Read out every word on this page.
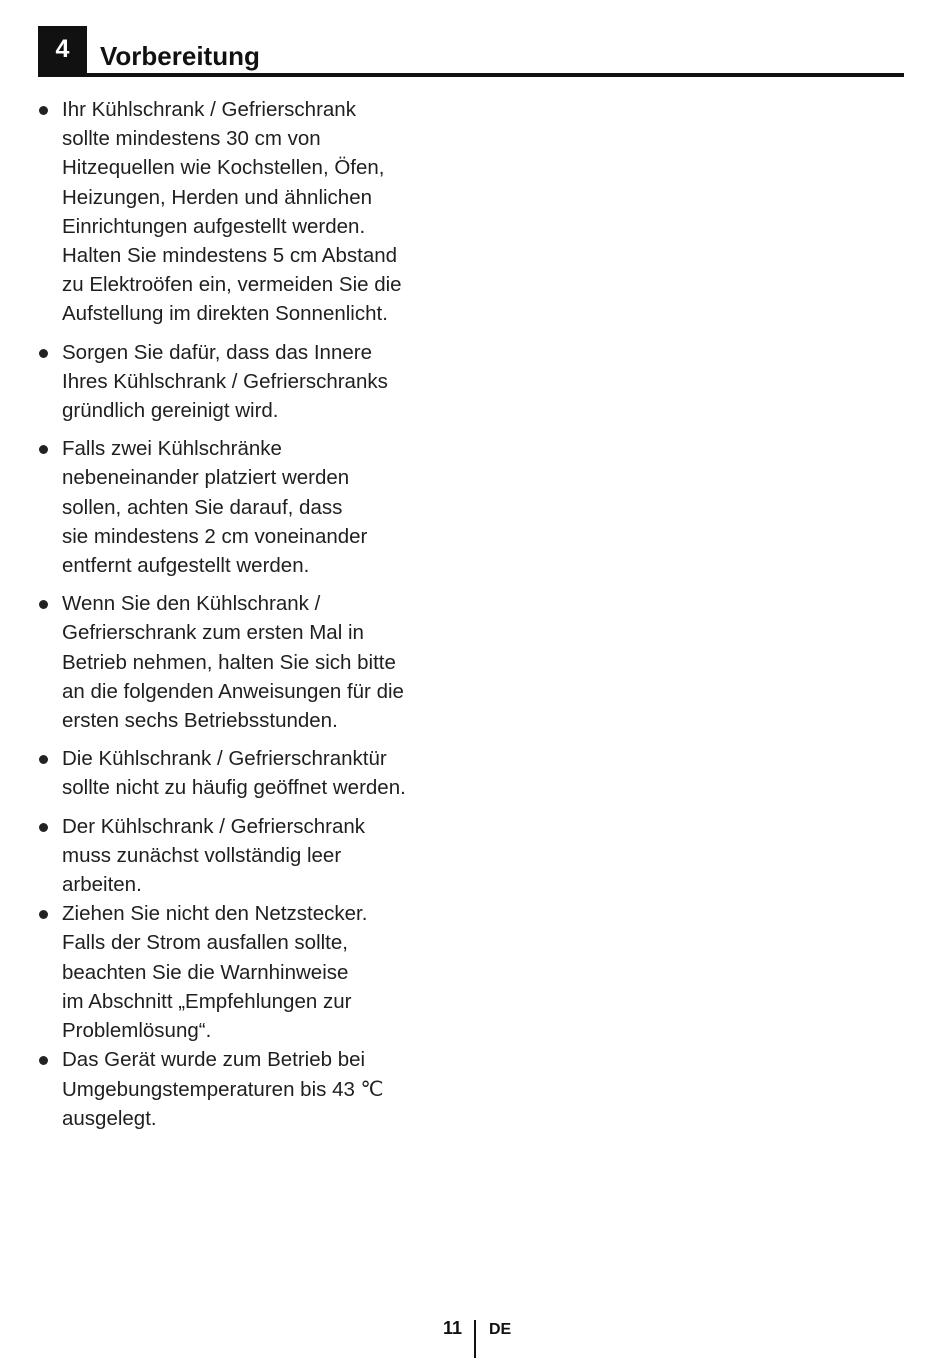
4 Vorbereitung
Ihr Kühlschrank / Gefrierschrank
sollte mindestens 30 cm von
Hitzequellen wie Kochstellen, Öfen,
Heizungen, Herden und ähnlichen
Einrichtungen aufgestellt werden.
Halten Sie mindestens 5 cm Abstand
zu Elektroöfen ein, vermeiden Sie die
Aufstellung im direkten Sonnenlicht.
Sorgen Sie dafür, dass das Innere
Ihres Kühlschrank / Gefrierschranks
gründlich gereinigt wird.
Falls zwei Kühlschränke
nebeneinander platziert werden
sollen, achten Sie darauf, dass
sie mindestens 2 cm voneinander
entfernt aufgestellt werden.
Wenn Sie den Kühlschrank /
Gefrierschrank zum ersten Mal in
Betrieb nehmen, halten Sie sich bitte
an die folgenden Anweisungen für die
ersten sechs Betriebsstunden.
Die Kühlschrank / Gefrierschranktür
sollte nicht zu häufig geöffnet werden.
Der Kühlschrank / Gefrierschrank
muss zunächst vollständig leer
arbeiten.
Ziehen Sie nicht den Netzstecker.
Falls der Strom ausfallen sollte,
beachten Sie die Warnhinweise
im Abschnitt „Empfehlungen zur
Problemlösung“.
Das Gerät wurde zum Betrieb bei
Umgebungstemperaturen bis 43 ℃
ausgelegt.
11 DE
